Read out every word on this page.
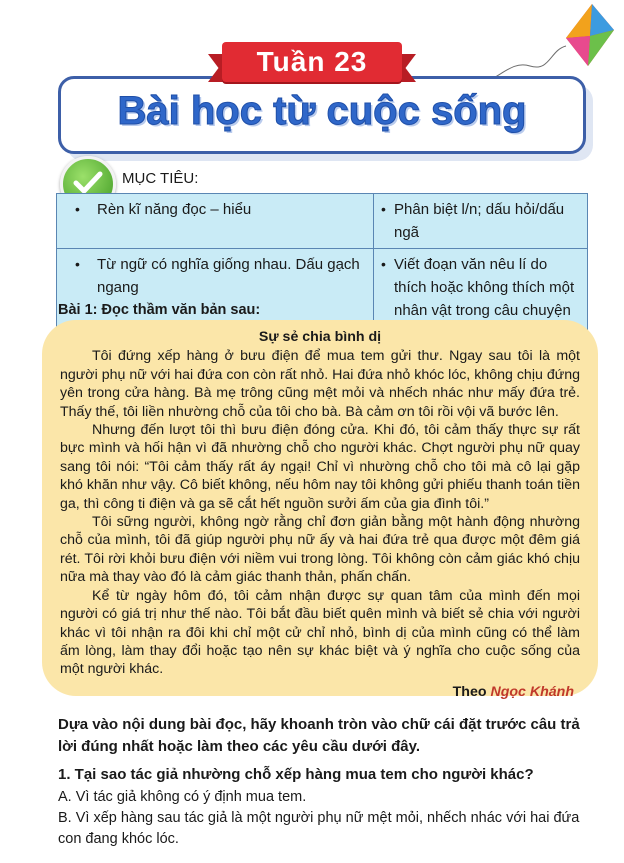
Bài học từ cuộc sống
Tuần 23
MỤC TIÊU:
• Rèn kĩ năng đọc – hiểu	• Phân biệt l/n; dấu hỏi/dấu ngã

• Từ ngữ có nghĩa giống nhau. Dấu gạch ngang	• Viết đoạn văn nêu lí do thích hoặc không thích một nhân vật trong câu chuyện
Bài 1: Đọc thầm văn bản sau:
Sự sẻ chia bình dị

Tôi đứng xếp hàng ở bưu điện để mua tem gửi thư. Ngay sau tôi là một người phụ nữ với hai đứa con còn rất nhỏ. Hai đứa nhỏ khóc lóc, không chịu đứng yên trong cửa hàng. Bà mẹ trông cũng mệt mỏi và nhếch nhác như mấy đứa trẻ. Thấy thế, tôi liền nhường chỗ của tôi cho bà. Bà cảm ơn tôi rồi vội vã bước lên.

Nhưng đến lượt tôi thì bưu điện đóng cửa. Khi đó, tôi cảm thấy thực sự rất bực mình và hối hận vì đã nhường chỗ cho người khác. Chợt người phụ nữ quay sang tôi nói: “Tôi cảm thấy rất áy ngại! Chỉ vì nhường chỗ cho tôi mà cô lại gặp khó khăn như vậy. Cô biết không, nếu hôm nay tôi không gửi phiếu thanh toán tiền ga, thì công ti điện và ga sẽ cắt hết nguồn sưởi ấm của gia đình tôi.”

Tôi sững người, không ngờ rằng chỉ đơn giản bằng một hành động nhường chỗ của mình, tôi đã giúp người phụ nữ ấy và hai đứa trẻ qua được một đêm giá rét. Tôi rời khỏi bưu điện với niềm vui trong lòng. Tôi không còn cảm giác khó chịu nữa mà thay vào đó là cảm giác thanh thản, phấn chấn.

Kể từ ngày hôm đó, tôi cảm nhận được sự quan tâm của mình đến mọi người có giá trị như thế nào. Tôi bắt đầu biết quên mình và biết sẻ chia với người khác vì tôi nhận ra đôi khi chỉ một cử chỉ nhỏ, bình dị của mình cũng có thể làm ấm lòng, làm thay đổi hoặc tạo nên sự khác biệt và ý nghĩa cho cuộc sống của một người khác.

Theo Ngọc Khánh
Dựa vào nội dung bài đọc, hãy khoanh tròn vào chữ cái đặt trước câu trả lời đúng nhất hoặc làm theo các yêu cầu dưới đây.
1. Tại sao tác giả nhường chỗ xếp hàng mua tem cho người khác?
A. Vì tác giả không có ý định mua tem.
B. Vì xếp hàng sau tác giả là một người phụ nữ mệt mỏi, nhếch nhác với hai đứa con đang khóc lóc.
